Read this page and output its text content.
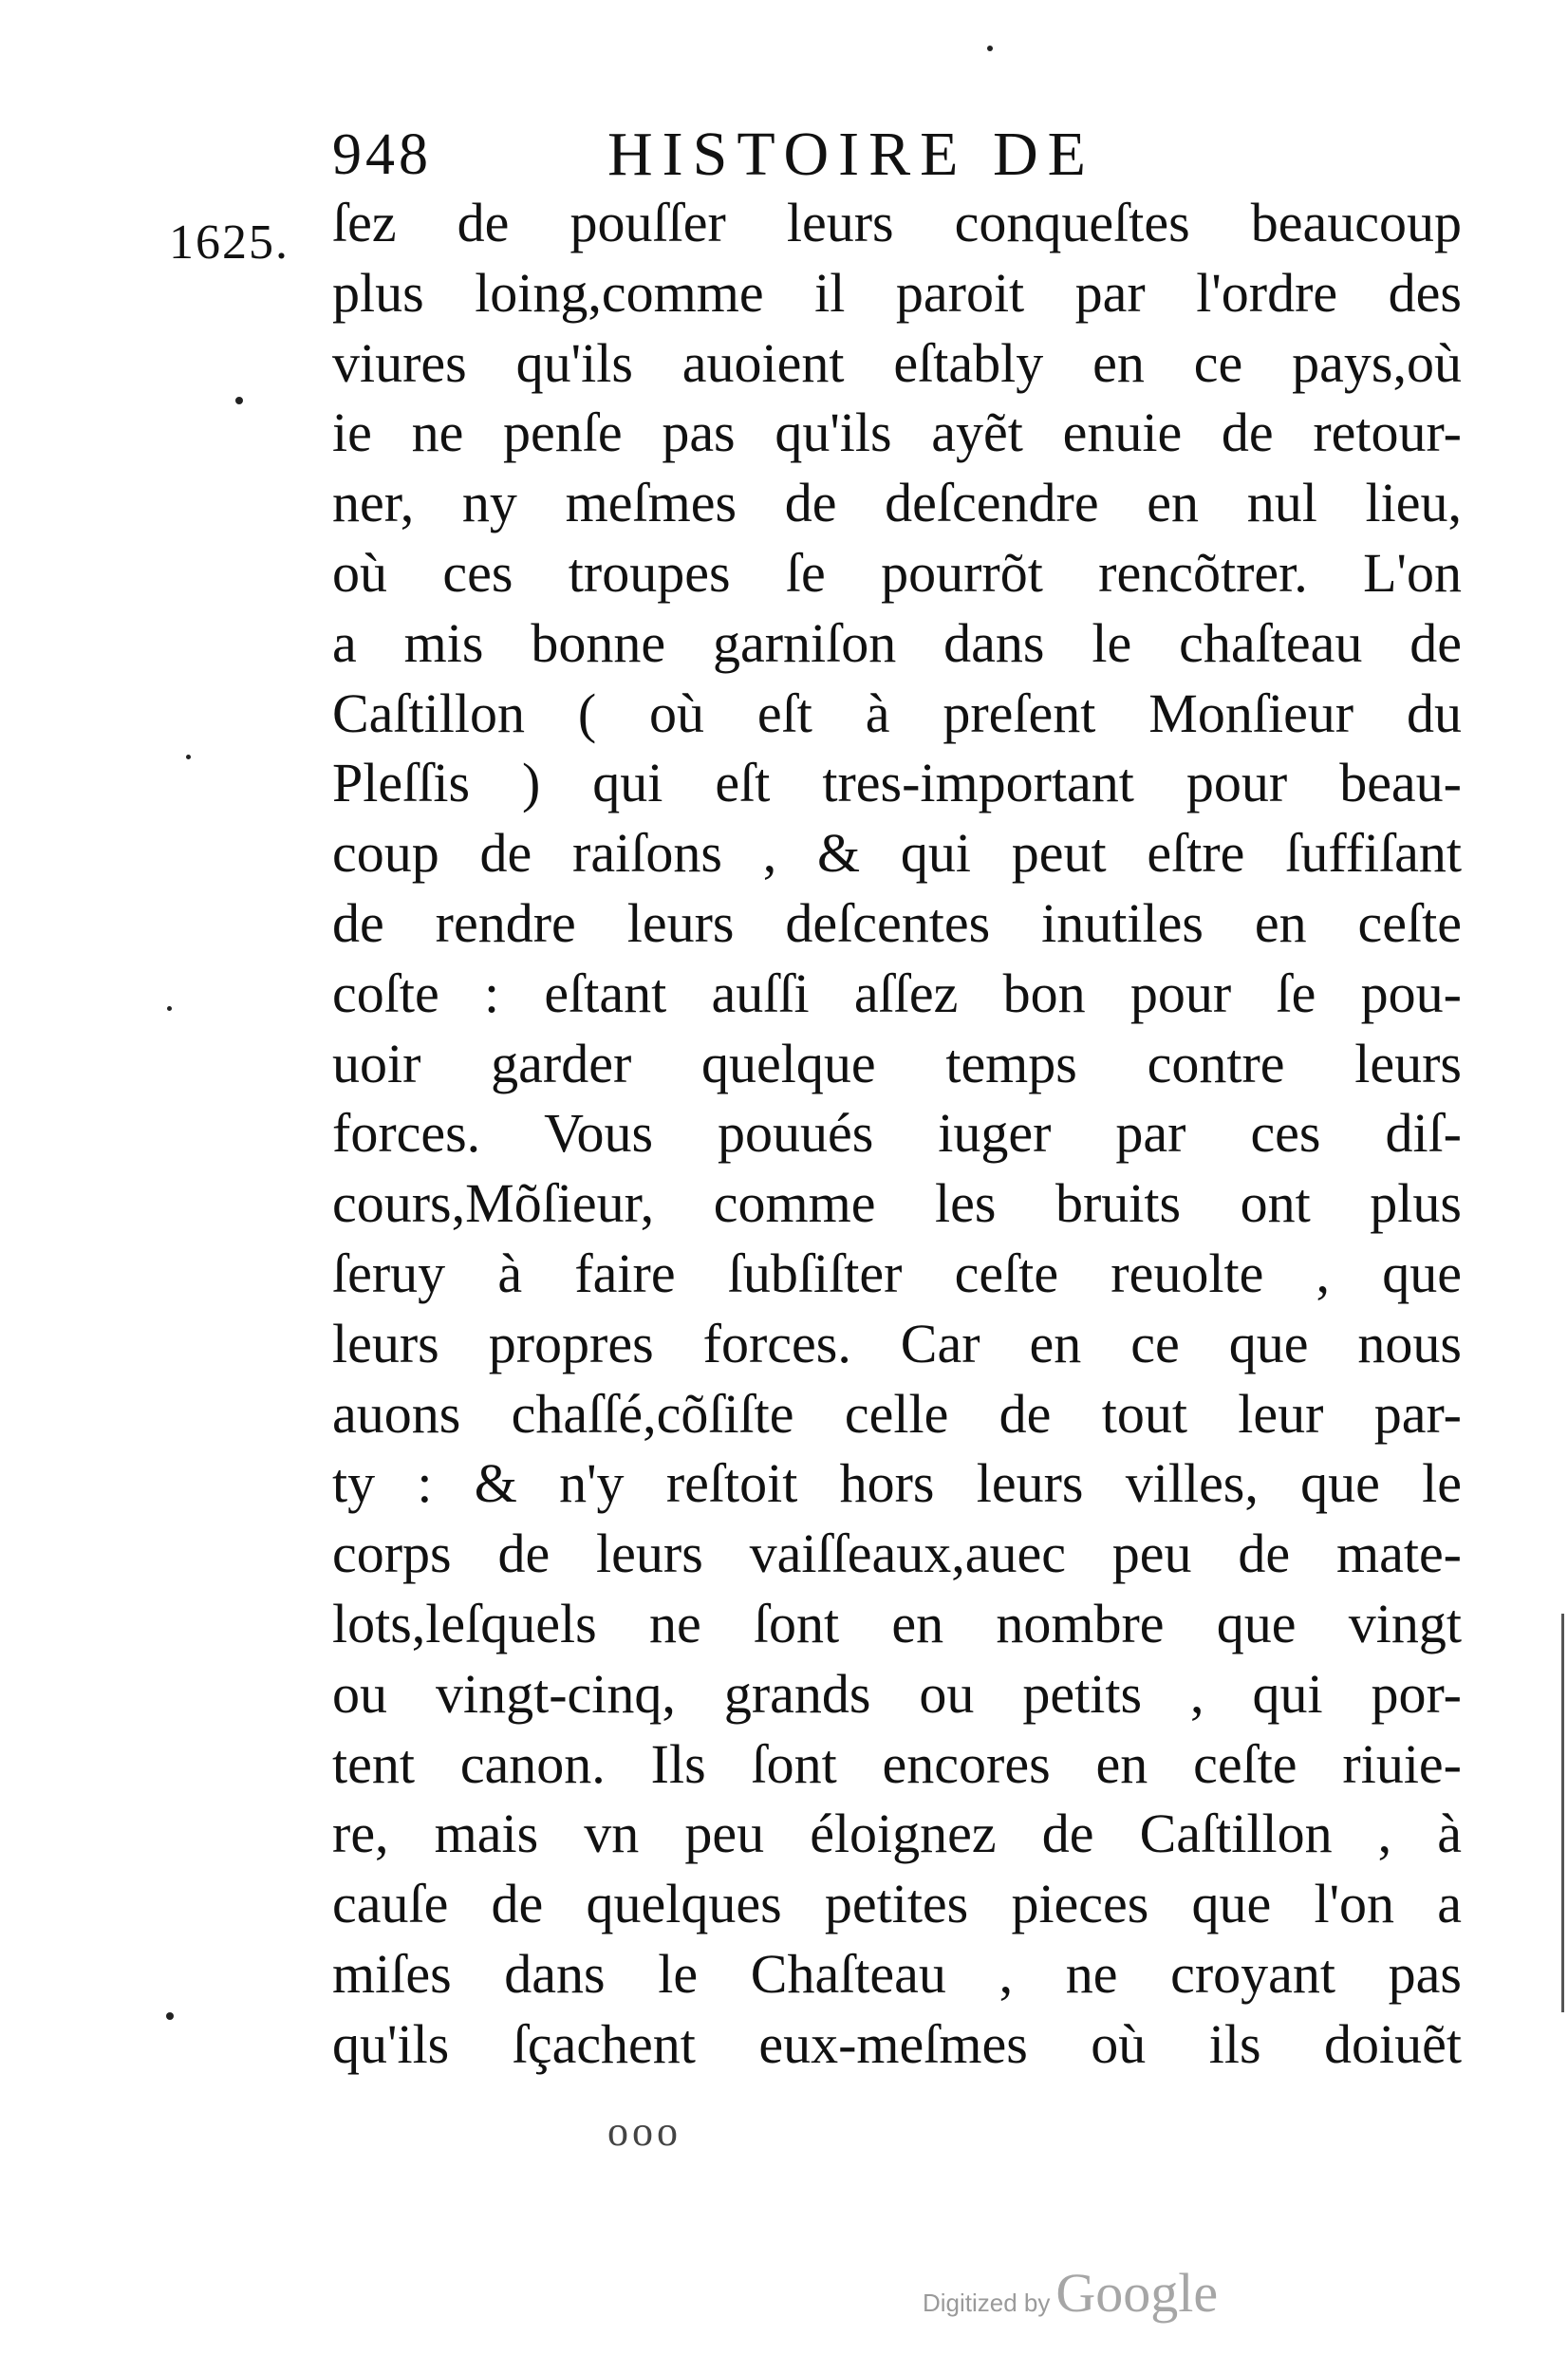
948	HISTOIRE DE
1625. ſez de pouſſer leurs conqueſtes beaucoup
plus loing,comme il paroit par l'ordre des
viures qu'ils auoient eſtably en ce pays,où
ie ne penſe pas qu'ils ayẽt enuie de retour-
ner, ny meſmes de deſcendre en nul lieu,
où ces troupes ſe pourrõt rencõtrer. L'on
a mis bonne garniſon dans le chaſteau de
Caſtillon ( où eſt à preſent Monſieur du
Pleſſis ) qui eſt tres-important pour beau-
coup de raiſons , & qui peut eſtre ſuffiſant
de rendre leurs deſcentes inutiles en ceſte
coſte : eſtant auſſi aſſez bon pour ſe pou-
uoir garder quelque temps contre leurs
forces. Vous pouués iuger par ces diſ-
cours,Mõſieur, comme les bruits ont plus
ſeruy à faire ſubſiſter ceſte reuolte , que
leurs propres forces. Car en ce que nous
auons chaſſé,cõſiſte celle de tout leur par-
ty : & n'y reſtoit hors leurs villes, que le
corps de leurs vaiſſeaux,auec peu de mate-
lots,leſquels ne ſont en nombre que vingt
ou vingt-cinq, grands ou petits , qui por-
tent canon. Ils ſont encores en ceſte riuie-
re, mais vn peu éloignez de Caſtillon , à
cauſe de quelques petites pieces que l'on a
miſes dans le Chaſteau , ne croyant pas
qu'ils ſçachent eux-meſmes où ils doiuẽt
ooo
Digitized by Google
